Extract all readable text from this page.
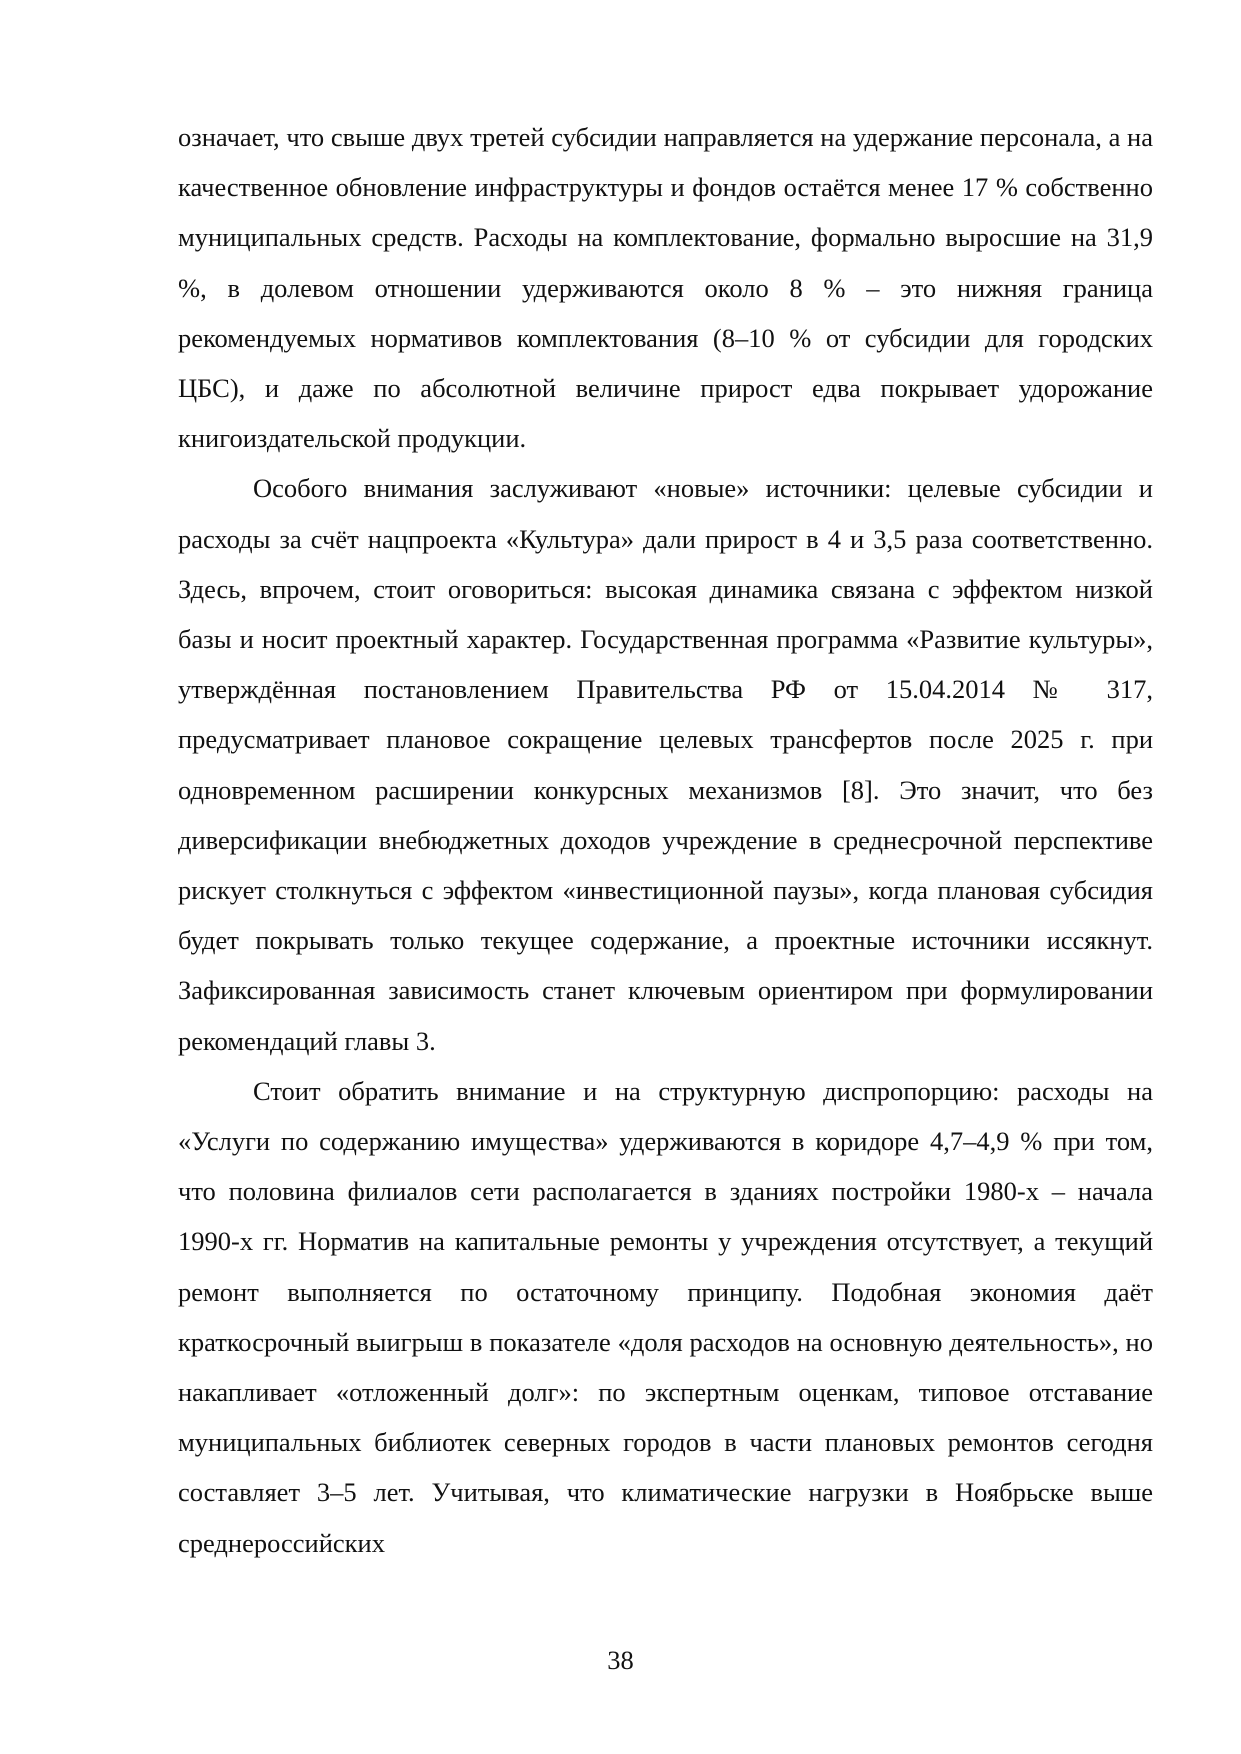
означает, что свыше двух третей субсидии направляется на удержание персонала, а на качественное обновление инфраструктуры и фондов остаётся менее 17 % собственно муниципальных средств. Расходы на комплектование, формально выросшие на 31,9 %, в долевом отношении удерживаются около 8 % – это нижняя граница рекомендуемых нормативов комплектования (8–10 % от субсидии для городских ЦБС), и даже по абсолютной величине прирост едва покрывает удорожание книгоиздательской продукции.

Особого внимания заслуживают «новые» источники: целевые субсидии и расходы за счёт нацпроекта «Культура» дали прирост в 4 и 3,5 раза соответственно. Здесь, впрочем, стоит оговориться: высокая динамика связана с эффектом низкой базы и носит проектный характер. Государственная программа «Развитие культуры», утверждённая постановлением Правительства РФ от 15.04.2014 № 317, предусматривает плановое сокращение целевых трансфертов после 2025 г. при одновременном расширении конкурсных механизмов [8]. Это значит, что без диверсификации внебюджетных доходов учреждение в среднесрочной перспективе рискует столкнуться с эффектом «инвестиционной паузы», когда плановая субсидия будет покрывать только текущее содержание, а проектные источники иссякнут. Зафиксированная зависимость станет ключевым ориентиром при формулировании рекомендаций главы 3.

Стоит обратить внимание и на структурную диспропорцию: расходы на «Услуги по содержанию имущества» удерживаются в коридоре 4,7–4,9 % при том, что половина филиалов сети располагается в зданиях постройки 1980-х – начала 1990-х гг. Норматив на капитальные ремонты у учреждения отсутствует, а текущий ремонт выполняется по остаточному принципу. Подобная экономия даёт краткосрочный выигрыш в показателе «доля расходов на основную деятельность», но накапливает «отложенный долг»: по экспертным оценкам, типовое отставание муниципальных библиотек северных городов в части плановых ремонтов сегодня составляет 3–5 лет. Учитывая, что климатические нагрузки в Ноябрьске выше среднероссийских

38
